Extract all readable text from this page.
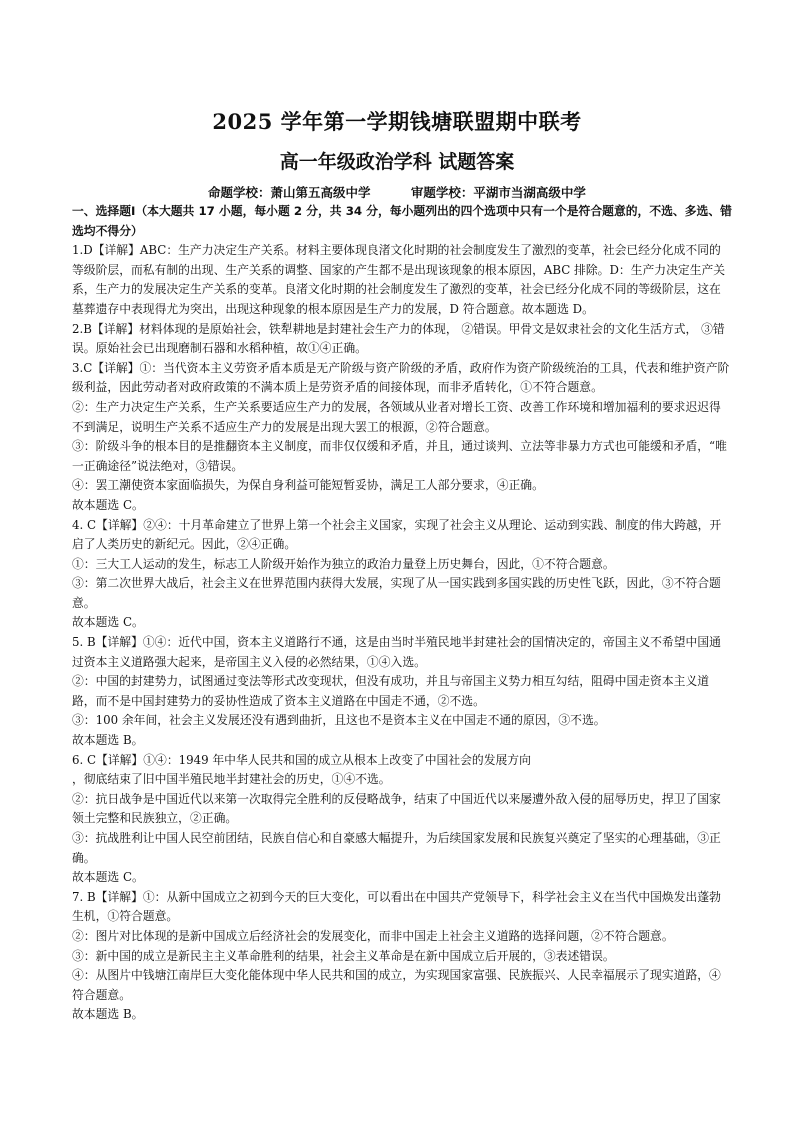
2025 学年第一学期钱塘联盟期中联考
高一年级政治学科 试题答案
命题学校：萧山第五高级中学	审题学校：平湖市当湖高级中学

一、选择题Ⅰ（本大题共 17 小题，每小题 2 分，共 34 分，每小题列出的四个选项中只有一个是符合题意的，不选、多选、错选均不得分）

1.D【详解】ABC：生产力决定生产关系。材料主要体现良渚文化时期的社会制度发生了激烈的变革，社会已经分化成不同的等级阶层，而私有制的出现、生产关系的调整、国家的产生都不是出现该现象的根本原因，ABC 排除。D：生产力决定生产关系，生产力的发展决定生产关系的变革。良渚文化时期的社会制度发生了激烈的变革，社会已经分化成不同的等级阶层，这在墓葬遗存中表现得尤为突出，出现这种现象的根本原因是生产力的发展，D 符合题意。故本题选 D。

2.B【详解】材料体现的是原始社会，铁犁耕地是封建社会生产力的体现， ②错误。甲骨文是奴隶社会的文化生活方式， ③错误。原始社会已出现磨制石器和水稻种植，故①④正确。

3.C【详解】①：当代资本主义劳资矛盾本质是无产阶级与资产阶级的矛盾，政府作为资产阶级统治的工具，代表和维护资产阶级利益，因此劳动者对政府政策的不满本质上是劳资矛盾的间接体现，而非矛盾转化，①不符合题意。

②：生产力决定生产关系，生产关系要适应生产力的发展，各领域从业者对增长工资、改善工作环境和增加福利的要求迟迟得不到满足，说明生产关系不适应生产力的发展是出现大罢工的根源，②符合题意。

③：阶级斗争的根本目的是推翻资本主义制度，而非仅仅缓和矛盾，并且，通过谈判、立法等非暴力方式也可能缓和矛盾，“唯一正确途径”说法绝对，③错误。

④：罢工潮使资本家面临损失，为保自身利益可能短暂妥协，满足工人部分要求，④正确。

故本题选 C。

4. C【详解】②④：十月革命建立了世界上第一个社会主义国家，实现了社会主义从理论、运动到实践、制度的伟大跨越，开启了人类历史的新纪元。因此，②④正确。

①：三大工人运动的发生，标志工人阶级开始作为独立的政治力量登上历史舞台，因此，①不符合题意。

③：第二次世界大战后，社会主义在世界范围内获得大发展，实现了从一国实践到多国实践的历史性飞跃，因此，③不符合题意。

故本题选 C。

5. B【详解】①④：近代中国，资本主义道路行不通，这是由当时半殖民地半封建社会的国情决定的，帝国主义不希望中国通过资本主义道路强大起来，是帝国主义入侵的必然结果，①④入选。

②：中国的封建势力，试图通过变法等形式改变现状，但没有成功，并且与帝国主义势力相互勾结，阻碍中国走资本主义道路，而不是中国封建势力的妥协性造成了资本主义道路在中国走不通，②不选。

③：100 余年间，社会主义发展还没有遇到曲折，且这也不是资本主义在中国走不通的原因，③不选。

故本题选 B。

6. C【详解】①④：1949 年中华人民共和国的成立从根本上改变了中国社会的发展方向

，彻底结束了旧中国半殖民地半封建社会的历史，①④不选。

②：抗日战争是中国近代以来第一次取得完全胜利的反侵略战争，结束了中国近代以来屡遭外敌入侵的屈辱历史，捍卫了国家领土完整和民族独立，②正确。

③：抗战胜利让中国人民空前团结，民族自信心和自豪感大幅提升，为后续国家发展和民族复兴奠定了坚实的心理基础，③正确。

故本题选 C。

7. B【详解】①：从新中国成立之初到今天的巨大变化，可以看出在中国共产党领导下，科学社会主义在当代中国焕发出蓬勃生机，①符合题意。

②：图片对比体现的是新中国成立后经济社会的发展变化，而非中国走上社会主义道路的选择问题，②不符合题意。

③：新中国的成立是新民主主义革命胜利的结果，社会主义革命是在新中国成立后开展的，③表述错误。

④：从图片中钱塘江南岸巨大变化能体现中华人民共和国的成立，为实现国家富强、民族振兴、人民幸福展示了现实道路，④符合题意。

故本题选 B。
